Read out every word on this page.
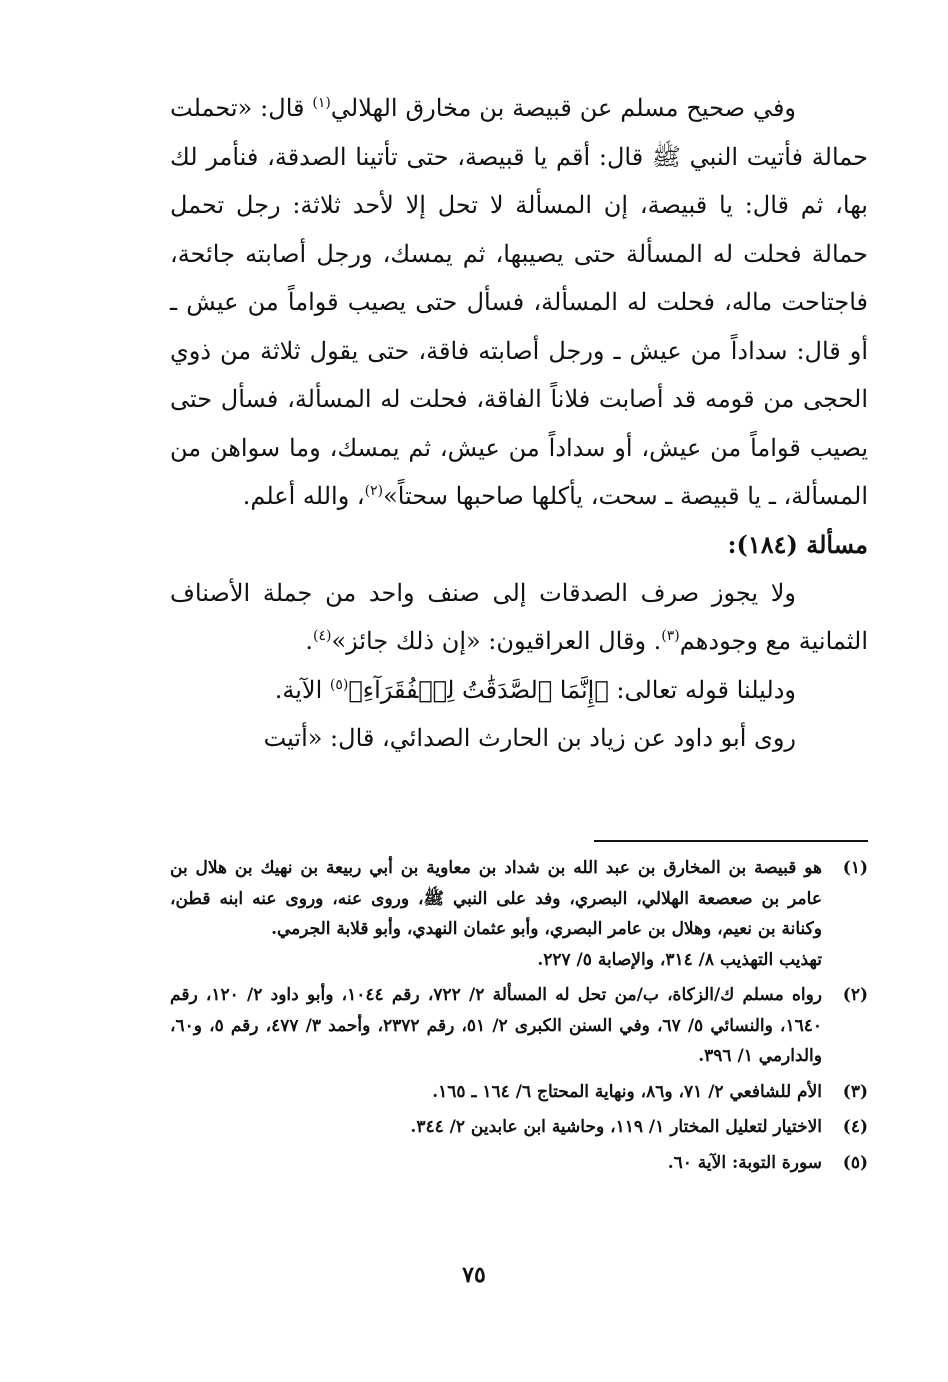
وفي صحيح مسلم عن قبيصة بن مخارق الهلالي$^{(١)}$ قال: «تحملت حمالة فأتيت النبي ﷺ قال: أقم يا قبيصة، حتى تأتينا الصدقة، فنأمر لك بها، ثم قال: يا قبيصة، إن المسألة لا تحل إلا لأحد ثلاثة: رجل تحمل حمالة فحلت له المسألة حتى يصيبها، ثم يمسك، ورجل أصابته جائحة، فاجتاحت ماله، فحلت له المسألة، فسأل حتى يصيب قواماً من عيش ـ أو قال: سداداً من عيش ـ ورجل أصابته فاقة، حتى يقول ثلاثة من ذوي الحجى من قومه قد أصابت فلاناً الفاقة، فحلت له المسألة، فسأل حتى يصيب قواماً من عيش، أو سداداً من عيش، ثم يمسك، وما سواهن من المسألة، ـ يا قبيصة ـ سحت، يأكلها صاحبها سحتاً»$^{(٢)}$، والله أعلم.

مسألة (١٨٤):

ولا يجوز صرف الصدقات إلى صنف واحد من جملة الأصناف الثمانية مع وجودهم$^{(٣)}$. وقال العراقيون: «إن ذلك جائز»$^{(٤)}$.

ودليلنا قوله تعالى: ﴿إِنَّمَا ٱلصَّدَقَٰتُ لِلۡفُقَرَآءِ﴾$^{(٥)}$ الآية.

روى أبو داود عن زياد بن الحارث الصدائي، قال: «أتيت

(١)
هو قبيصة بن المخارق بن عبد الله بن شداد بن معاوية بن أبي ربيعة بن نهيك بن هلال بن عامر بن صعصعة الهلالي، البصري، وفد على النبي ﷺ، وروى عنه، وروى عنه ابنه قطن، وكنانة بن نعيم، وهلال بن عامر البصري، وأبو عثمان النهدي، وأبو قلابة الجرمي.
تهذيب التهذيب ٨/ ٣١٤، والإصابة ٥/ ٢٢٧.
(٢)
رواه مسلم ك/الزكاة، ب/من تحل له المسألة ٢/ ٧٢٢، رقم ١٠٤٤، وأبو داود ٢/ ١٢٠، رقم ١٦٤٠، والنسائي ٥/ ٦٧، وفي السنن الكبرى ٢/ ٥١، رقم ٢٣٧٢، وأحمد ٣/ ٤٧٧، رقم ٥، و٦٠، والدارمي ١/ ٣٩٦.
(٣)
الأم للشافعي ٢/ ٧١، و٨٦، ونهاية المحتاج ٦/ ١٦٤ ـ ١٦٥.
(٤)
الاختيار لتعليل المختار ١/ ١١٩، وحاشية ابن عابدين ٢/ ٣٤٤.
(٥)
سورة التوبة: الآية ٦٠.
٧٥
